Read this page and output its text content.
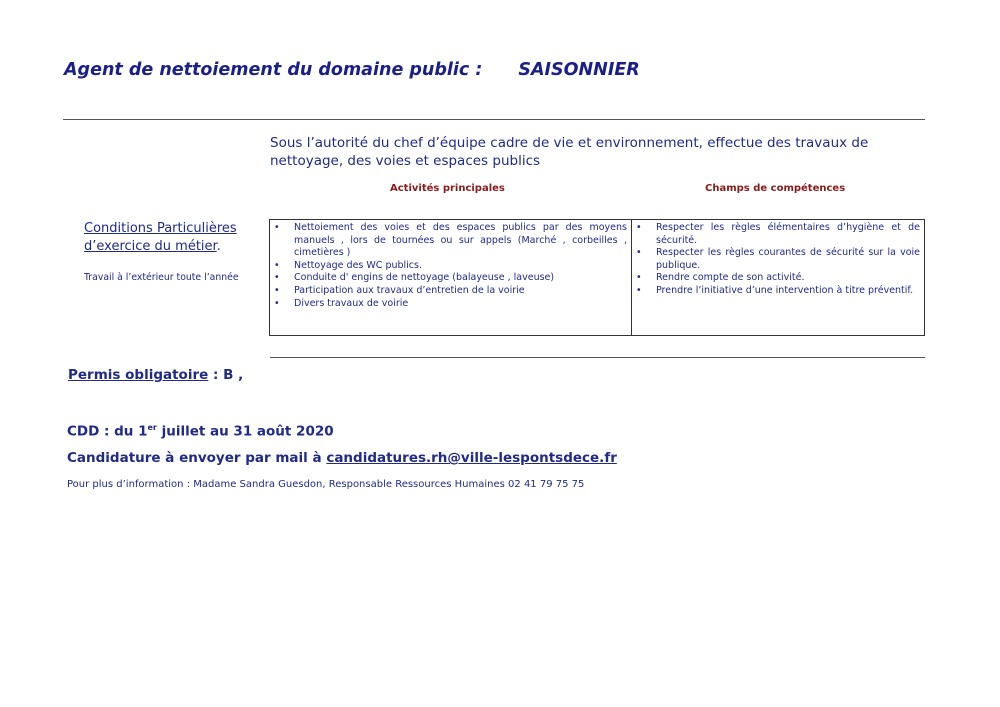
Agent de nettoiement du domaine public : SAISONNIER
Sous l’autorité du chef d’équipe cadre de vie et environnement, effectue des travaux de nettoyage, des voies et espaces publics
Activités principales	Champs de compétences
Conditions Particulières
d’exercice du métier.
Travail à l’extérieur toute l’année
• Nettoiement des voies et des espaces publics par des moyens manuels , lors de tournées ou sur appels (Marché , corbeilles , cimetières )
• Nettoyage des WC publics.
• Conduite d' engins de nettoyage (balayeuse , laveuse)
• Participation aux travaux d’entretien de la voirie
• Divers travaux de voirie
• Respecter les règles élémentaires d’hygiène et de sécurité.
• Respecter les règles courantes de sécurité sur la voie publique.
• Rendre compte de son activité.
• Prendre l’initiative d’une intervention à titre préventif.
Permis obligatoire : B ,
CDD : du 1er juillet au 31 août 2020
Candidature à envoyer par mail à candidatures.rh@ville-lespontsdece.fr
Pour plus d’information : Madame Sandra Guesdon, Responsable Ressources Humaines 02 41 79 75 75
